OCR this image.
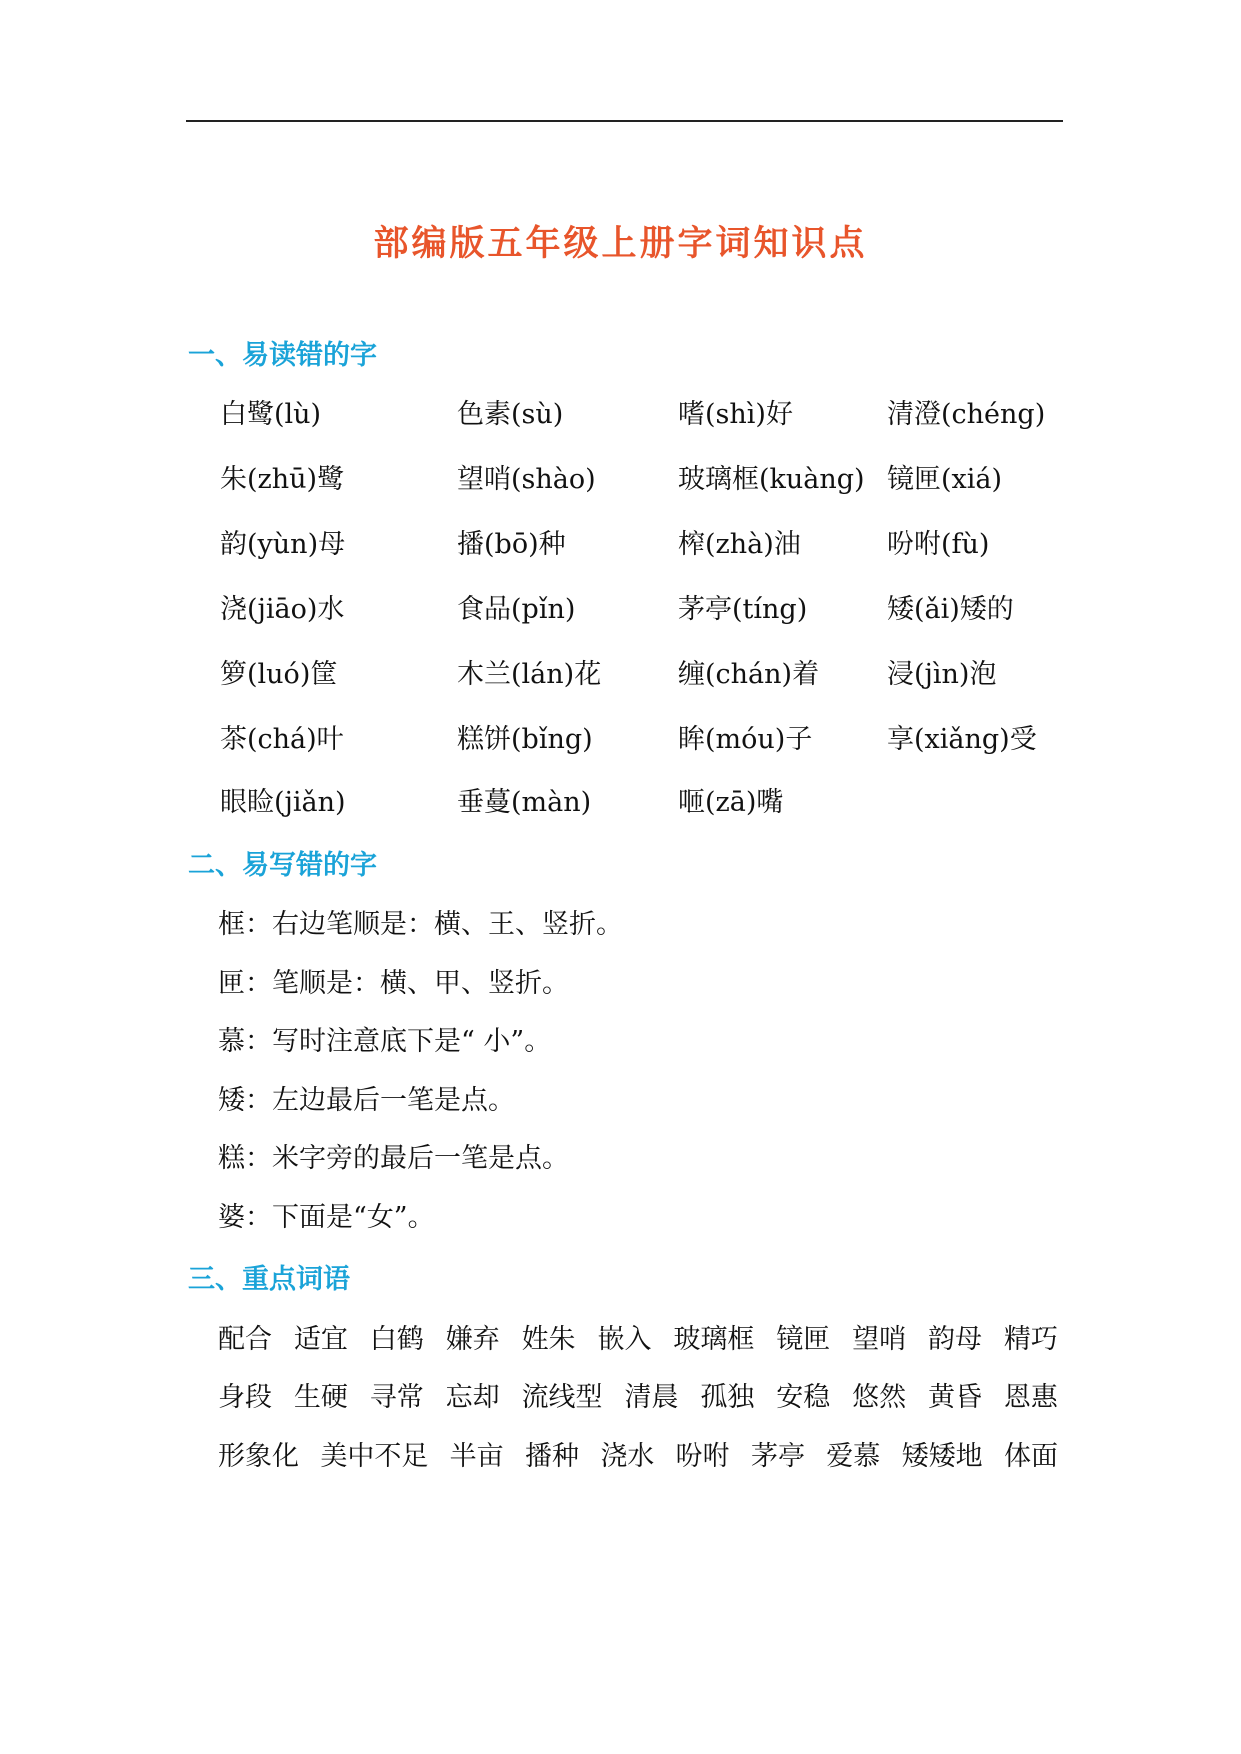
部编版五年级上册字词知识点
一、易读错的字
白鹭(lù)	色素(sù)	嗜(shì)好	清澄(chéng)
朱(zhū)鹭	望哨(shào)	玻璃框(kuàng) 镜匣(xiá)
韵(yùn)母	播(bō)种	榨(zhà)油	吩咐(fù)
浇(jiāo)水	食品(pǐn)	茅亭(tíng)	矮(ǎi)矮的
箩(luó)筐	木兰(lán)花	缠(chán)着	浸(jìn)泡
茶(chá)叶	糕饼(bǐng)	眸(móu)子	享(xiǎng)受
眼睑(jiǎn)	垂蔓(màn)	咂(zā)嘴
二、易写错的字
框：右边笔顺是：横、王、竖折。
匣：笔顺是：横、甲、竖折。
慕：写时注意底下是“ 小”。
矮：左边最后一笔是点。
糕：米字旁的最后一笔是点。
婆：下面是“女”。
三、重点词语
配合 适宜 白鹤 嫌弃 姓朱 嵌入 玻璃框 镜匣 望哨 韵母 精巧
身段 生硬 寻常 忘却 流线型 清晨 孤独 安稳 悠然 黄昏 恩惠
形象化 美中不足 半亩 播种 浇水 吩咐 茅亭 爱慕 矮矮地 体面
